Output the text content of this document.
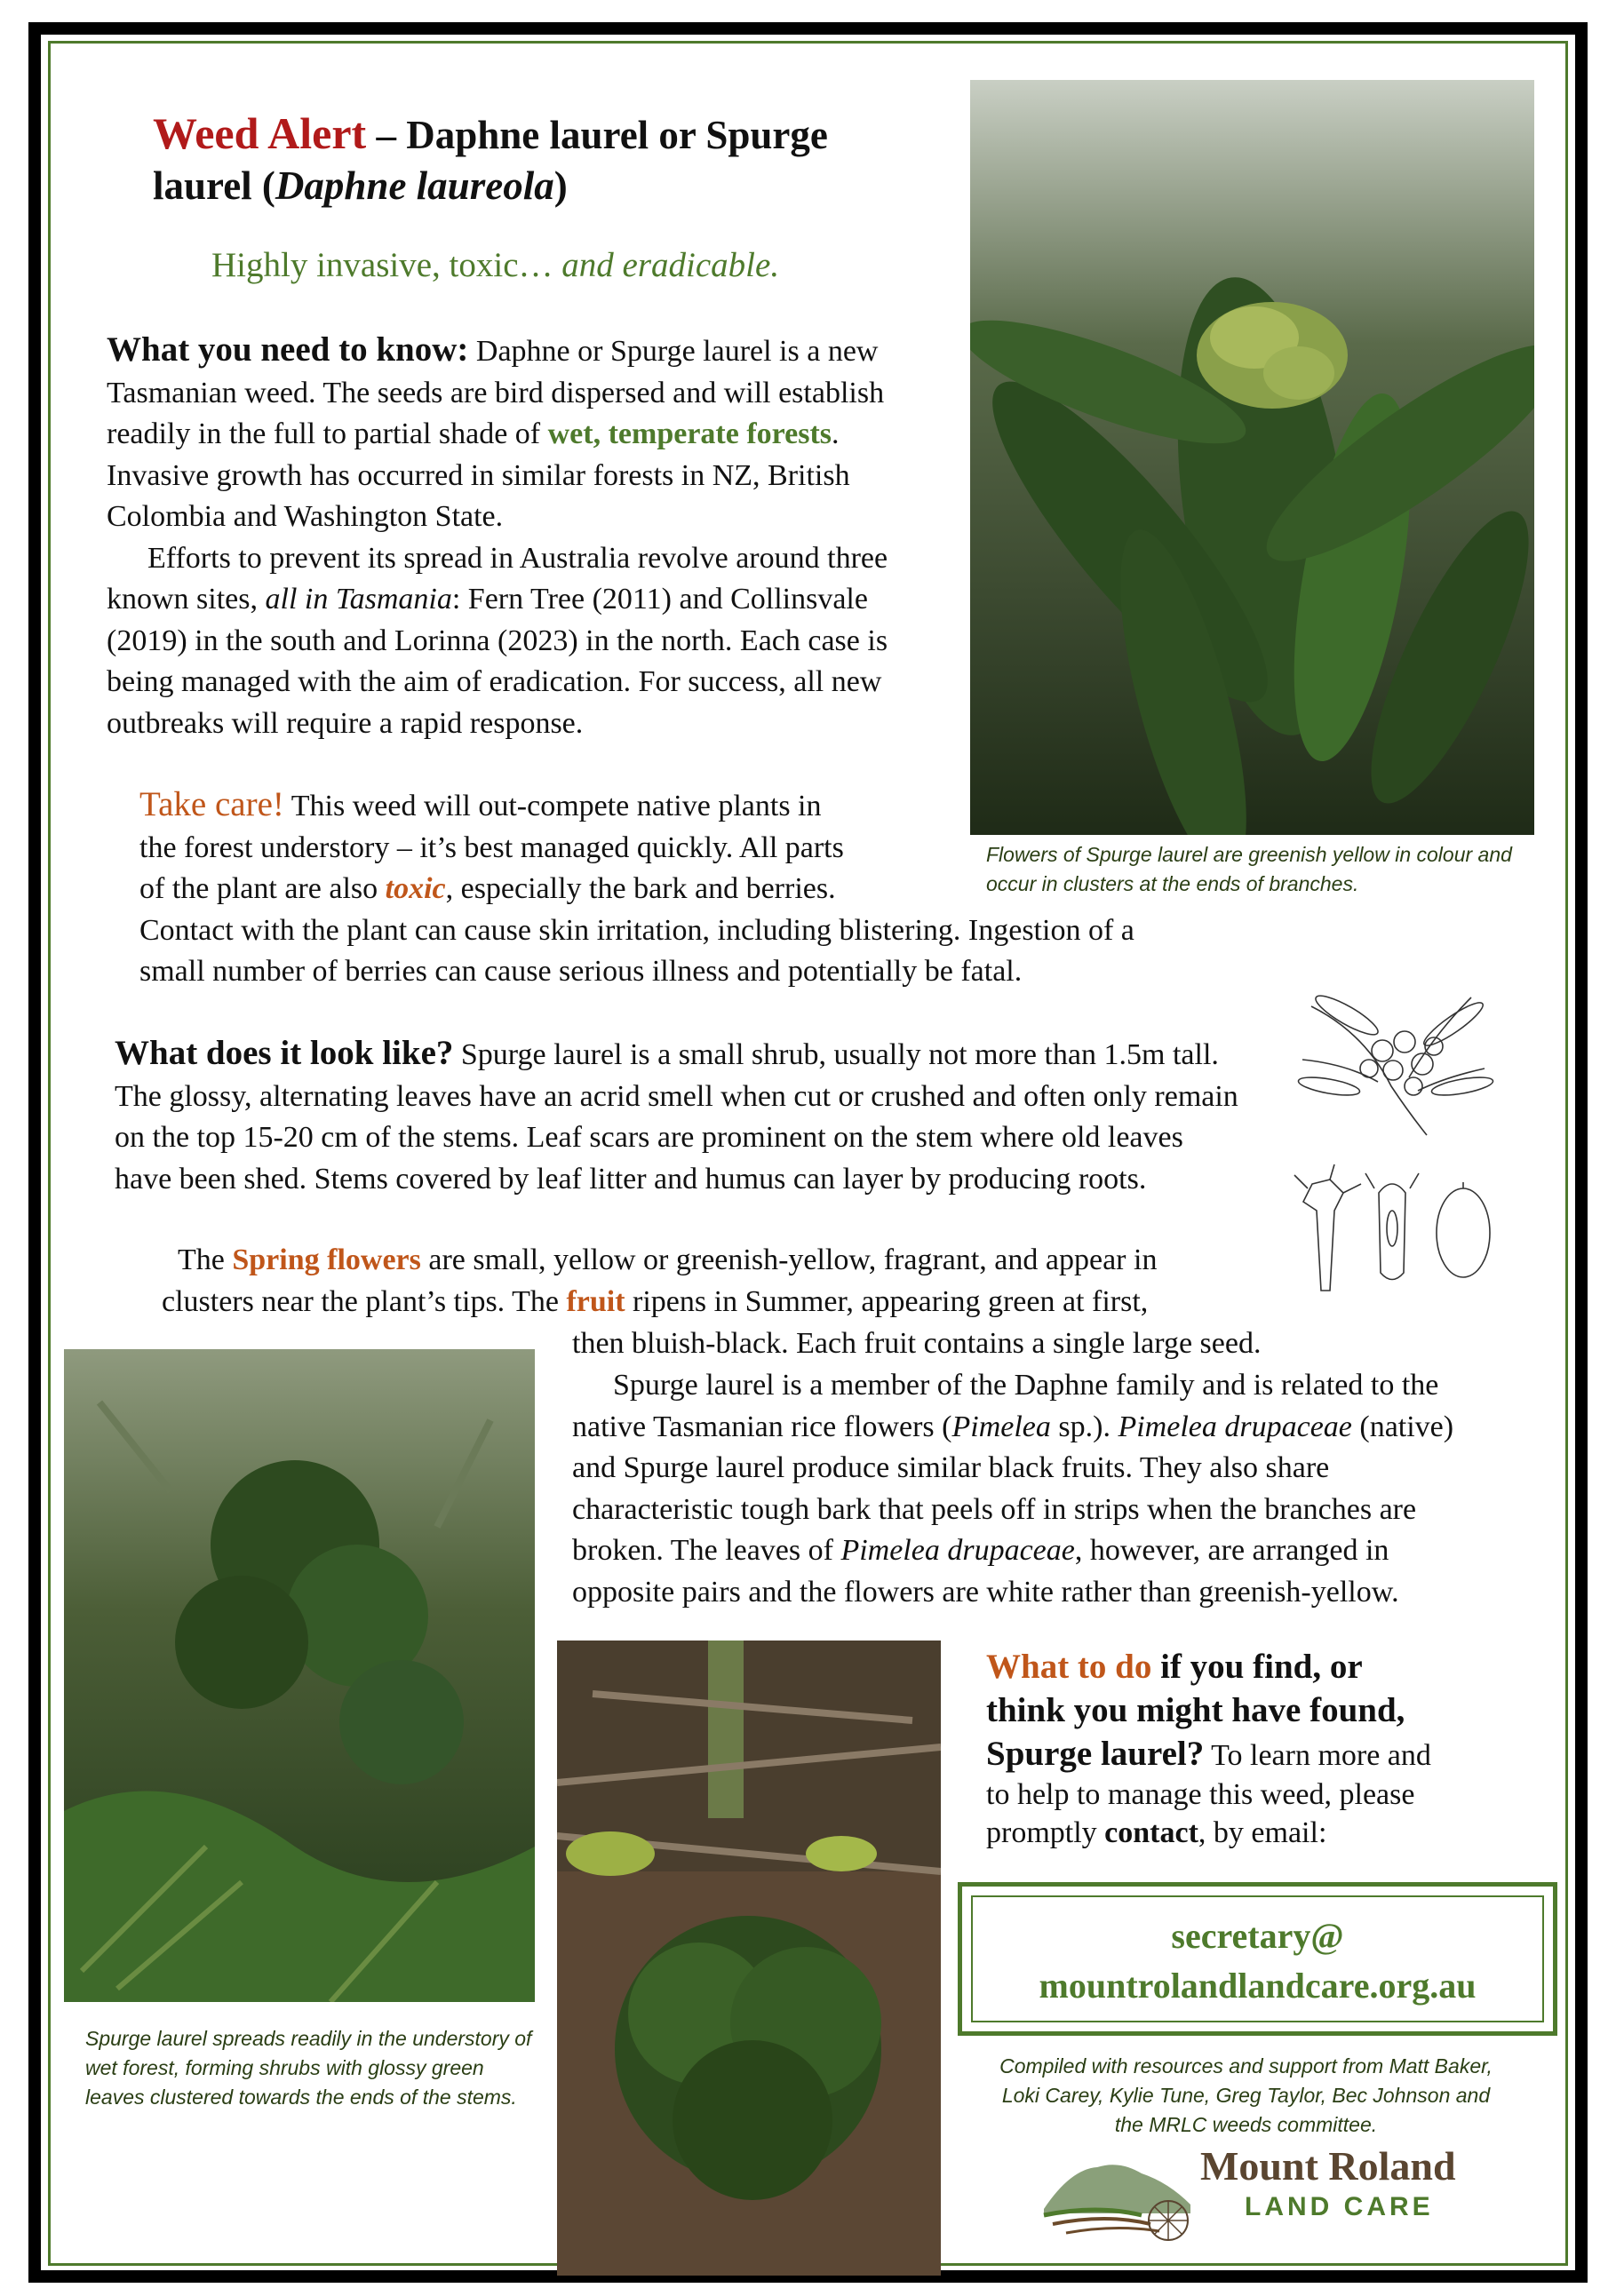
Weed Alert – Daphne laurel or Spurge
laurel (Daphne laureola)
Highly invasive, toxic… and eradicable.
What you need to know: Daphne or Spurge laurel is a new Tasmanian weed. The seeds are bird dispersed and will establish readily in the full to partial shade of wet, temperate forests. Invasive growth has occurred in similar forests in NZ, British Colombia and Washington State.
Efforts to prevent its spread in Australia revolve around three known sites, all in Tasmania: Fern Tree (2011) and Collinsvale (2019) in the south and Lorinna (2023) in the north. Each case is being managed with the aim of eradication. For success, all new outbreaks will require a rapid response.
Flowers of Spurge laurel are greenish yellow in colour and occur in clusters at the ends of branches.
Take care! This weed will out-compete native plants in
the forest understory – it’s best managed quickly. All parts
of the plant are also toxic, especially the bark and berries.
Contact with the plant can cause skin irritation, including blistering. Ingestion of a small number of berries can cause serious illness and potentially be fatal.
What does it look like? Spurge laurel is a small shrub, usually not more than 1.5m tall. The glossy, alternating leaves have an acrid smell when cut or crushed and often only remain on the top 15-20 cm of the stems. Leaf scars are prominent on the stem where old leaves have been shed. Stems covered by leaf litter and humus can layer by producing roots.
The Spring flowers are small, yellow or greenish-yellow, fragrant, and appear in
clusters near the plant’s tips. The fruit ripens in Summer, appearing green at first,
then bluish-black. Each fruit contains a single large seed.
Spurge laurel is a member of the Daphne family and is related to the native Tasmanian rice flowers (Pimelea sp.). Pimelea drupaceae (native) and Spurge laurel produce similar black fruits. They also share characteristic tough bark that peels off in strips when the branches are broken. The leaves of Pimelea drupaceae, however, are arranged in opposite pairs and the flowers are white rather than greenish-yellow.
Spurge laurel spreads readily in the understory of wet forest, forming shrubs with glossy green leaves clustered towards the ends of the stems.
What to do if you find, or
think you might have found,
Spurge laurel? To learn more and
to help to manage this weed, please
promptly contact, by email:
secretary@
mountrolandlandcare.org.au
Compiled with resources and support from Matt Baker, Loki Carey, Kylie Tune, Greg Taylor, Bec Johnson and the MRLC weeds committee.
Mount Roland
LAND CARE
